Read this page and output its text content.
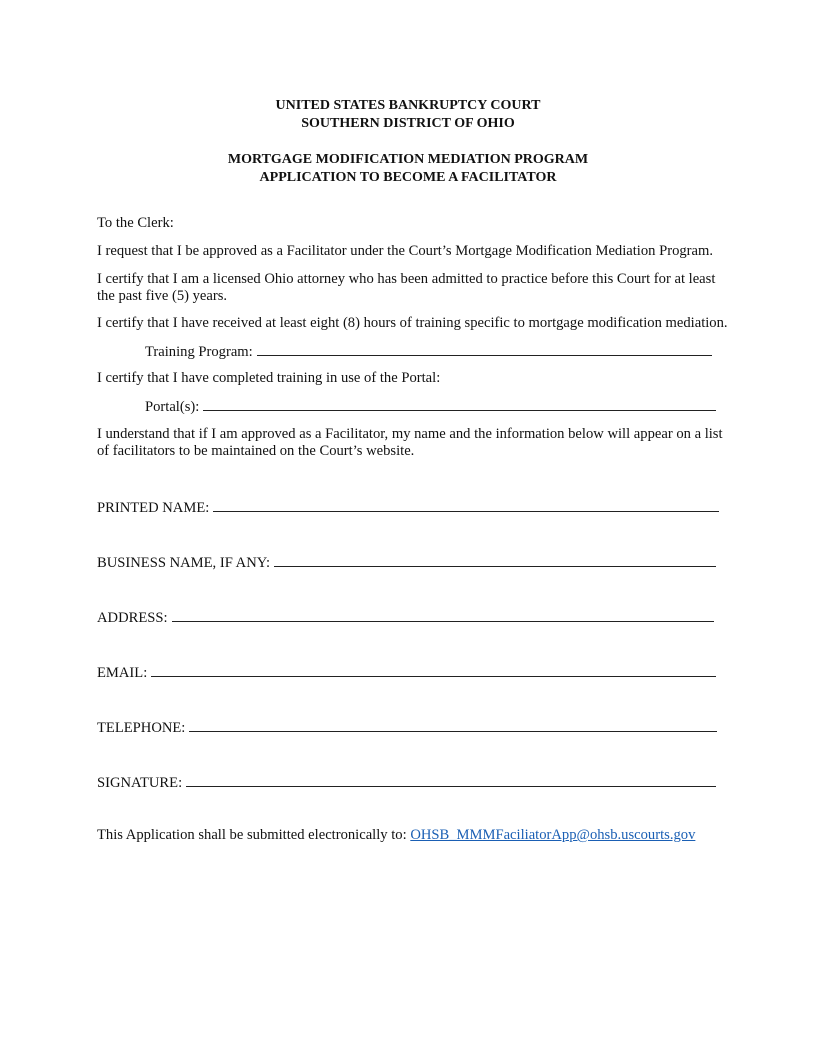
UNITED STATES BANKRUPTCY COURT
SOUTHERN DISTRICT OF OHIO
MORTGAGE MODIFICATION MEDIATION PROGRAM
APPLICATION TO BECOME A FACILITATOR
To the Clerk:
I request that I be approved as a Facilitator under the Court’s Mortgage Modification Mediation Program.
I certify that I am a licensed Ohio attorney who has been admitted to practice before this Court for at least
the past five (5) years.
I certify that I have received at least eight (8) hours of training specific to mortgage modification mediation.
Training Program:
I certify that I have completed training in use of the Portal:
Portal(s):
I understand that if I am approved as a Facilitator, my name and the information below will appear on a list
of facilitators to be maintained on the Court’s website.
PRINTED NAME:
BUSINESS NAME, IF ANY:
ADDRESS:
EMAIL:
TELEPHONE:
SIGNATURE:
This Application shall be submitted electronically to: OHSB_MMMFaciliatorApp@ohsb.uscourts.gov
